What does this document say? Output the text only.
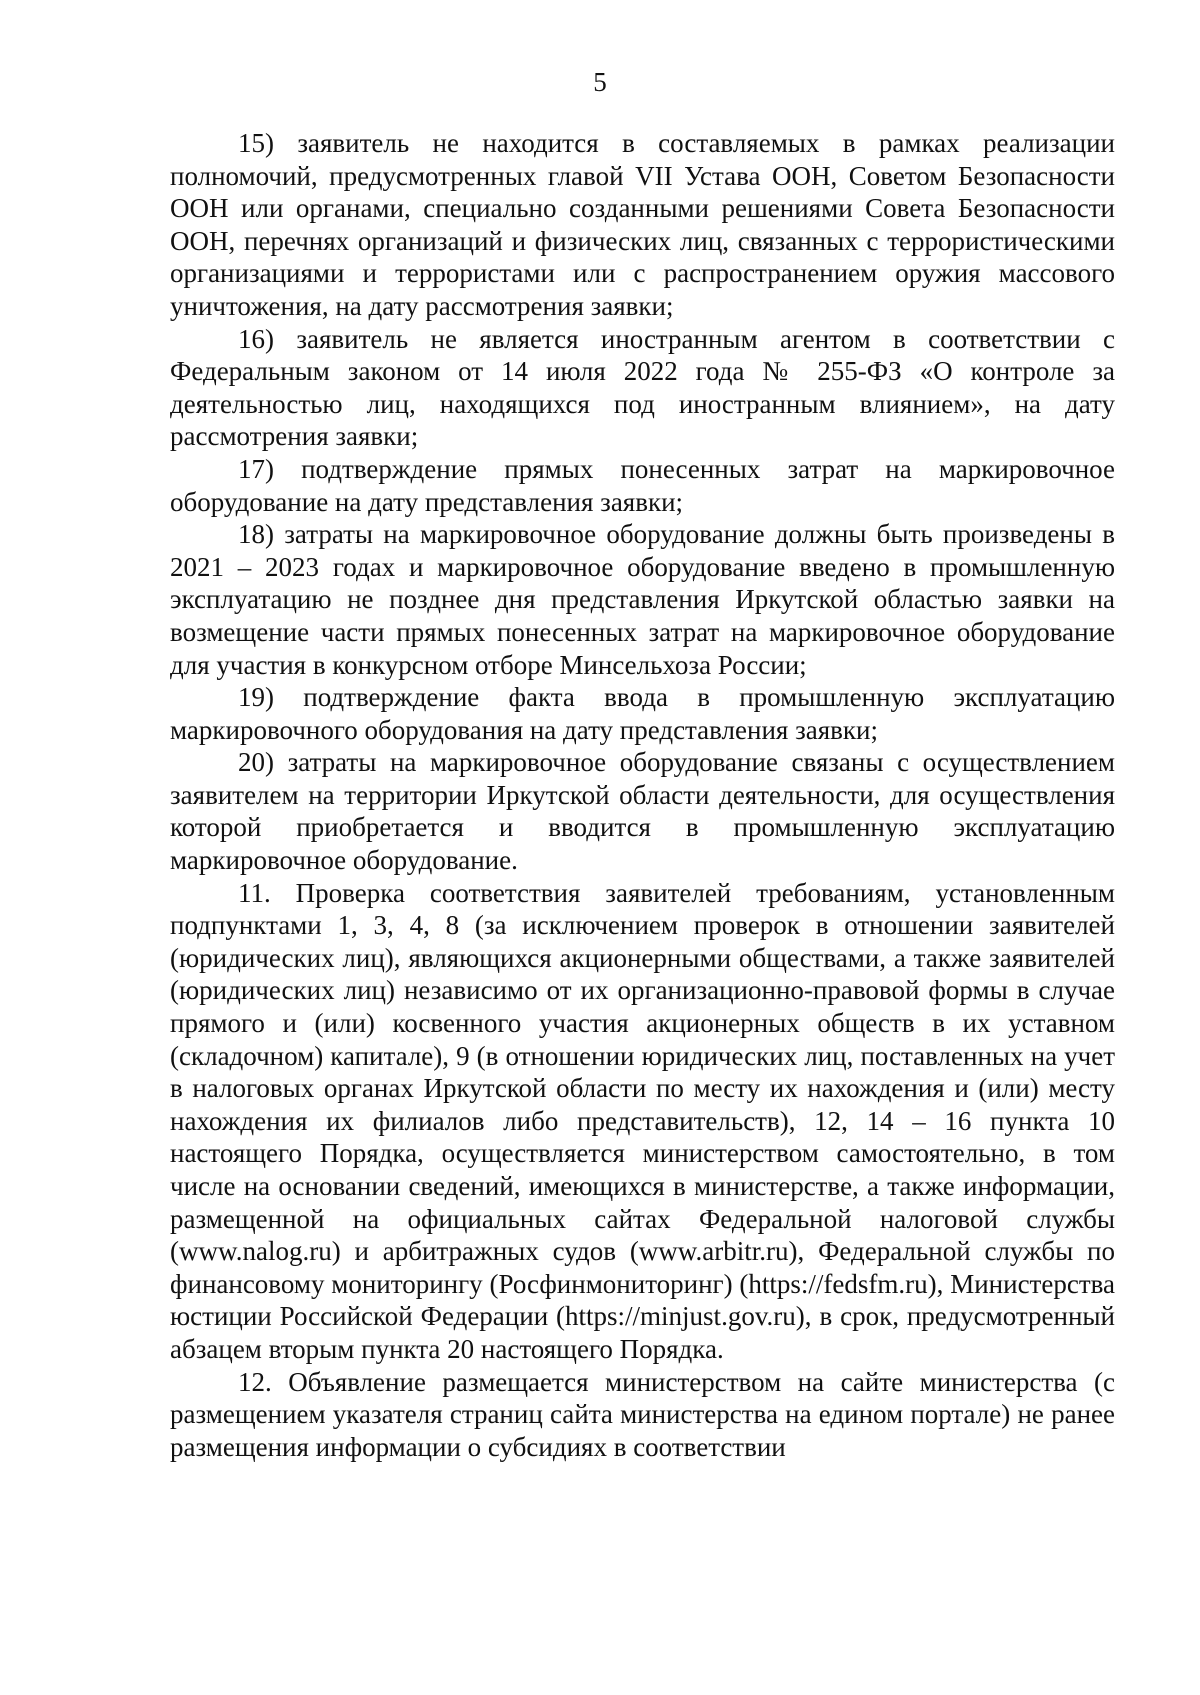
5

15) заявитель не находится в составляемых в рамках реализации полномочий, предусмотренных главой VII Устава ООН, Советом Безопасности ООН или органами, специально созданными решениями Совета Безопасности ООН, перечнях организаций и физических лиц, связанных с террористическими организациями и террористами или с распространением оружия массового уничтожения, на дату рассмотрения заявки;

16) заявитель не является иностранным агентом в соответствии с Федеральным законом от 14 июля 2022 года № 255-ФЗ «О контроле за деятельностью лиц, находящихся под иностранным влиянием», на дату рассмотрения заявки;

17) подтверждение прямых понесенных затрат на маркировочное оборудование на дату представления заявки;

18) затраты на маркировочное оборудование должны быть произведены в 2021 – 2023 годах и маркировочное оборудование введено в промышленную эксплуатацию не позднее дня представления Иркутской областью заявки на возмещение части прямых понесенных затрат на маркировочное оборудование для участия в конкурсном отборе Минсельхоза России;

19) подтверждение факта ввода в промышленную эксплуатацию маркировочного оборудования на дату представления заявки;

20) затраты на маркировочное оборудование связаны с осуществлением заявителем на территории Иркутской области деятельности, для осуществления которой приобретается и вводится в промышленную эксплуатацию маркировочное оборудование.

11. Проверка соответствия заявителей требованиям, установленным подпунктами 1, 3, 4, 8 (за исключением проверок в отношении заявителей (юридических лиц), являющихся акционерными обществами, а также заявителей (юридических лиц) независимо от их организационно-правовой формы в случае прямого и (или) косвенного участия акционерных обществ в их уставном (складочном) капитале), 9 (в отношении юридических лиц, поставленных на учет в налоговых органах Иркутской области по месту их нахождения и (или) месту нахождения их филиалов либо представительств), 12, 14 – 16 пункта 10 настоящего Порядка, осуществляется министерством самостоятельно, в том числе на основании сведений, имеющихся в министерстве, а также информации, размещенной на официальных сайтах Федеральной налоговой службы (www.nalog.ru) и арбитражных судов (www.arbitr.ru), Федеральной службы по финансовому мониторингу (Росфинмониторинг) (https://fedsfm.ru), Министерства юстиции Российской Федерации (https://minjust.gov.ru), в срок, предусмотренный абзацем вторым пункта 20 настоящего Порядка.

12. Объявление размещается министерством на сайте министерства (с размещением указателя страниц сайта министерства на едином портале) не ранее размещения информации о субсидиях в соответствии
